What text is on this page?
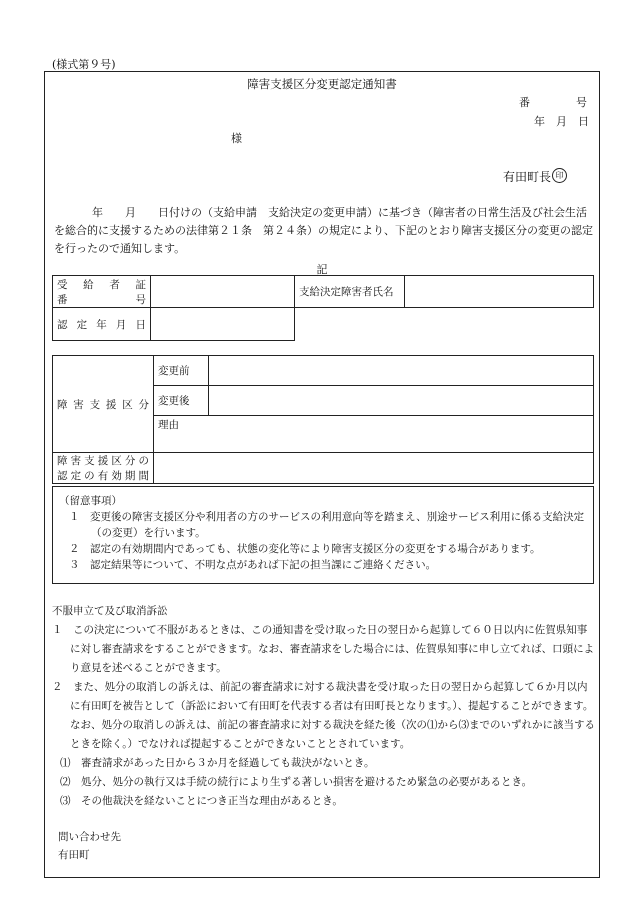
(様式第９号)
障害支援区分変更認定通知書
番	号
年　月　日
様
有田町長 印
年　　月　　日付けの（支給申請　支給決定の変更申請）に基づき（障害者の日常生活及び社会生活を総合的に支援するための法律第２１条　第２４条）の規定により、下記のとおり障害支援区分の変更の認定を行ったので通知します。
記
受 給 者 証
番 号		支給決定障害者氏名	

認 定 年 月 日			

障 害 支 援 区 分	変更前	
	変更後	
	理由	

障害支援区分の
認定の有効期間		

（留意事項）
１　変更後の障害支援区分や利用者の方のサービスの利用意向等を踏まえ、別途サービス利用に係る支給決定（の変更）を行います。
２　認定の有効期間内であっても、状態の変化等により障害支援区分の変更をする場合があります。
３　認定結果等について、不明な点があれば下記の担当課にご連絡ください。
不服申立て及び取消訴訟
１　この決定について不服があるときは、この通知書を受け取った日の翌日から起算して６０日以内に佐賀県知事に対し審査請求をすることができます。なお、審査請求をした場合には、佐賀県知事に申し立てれば、口頭により意見を述べることができます。
２　また、処分の取消しの訴えは、前記の審査請求に対する裁決書を受け取った日の翌日から起算して６か月以内に有田町を被告として（訴訟において有田町を代表する者は有田町長となります。）、提起することができます。なお、処分の取消しの訴えは、前記の審査請求に対する裁決を経た後（次の⑴から⑶までのいずれかに該当するときを除く。）でなければ提起することができないこととされています。
⑴　審査請求があった日から３か月を経過しても裁決がないとき。
⑵　処分、処分の執行又は手続の続行により生ずる著しい損害を避けるため緊急の必要があるとき。
⑶　その他裁決を経ないことにつき正当な理由があるとき。
問い合わせ先
有田町
